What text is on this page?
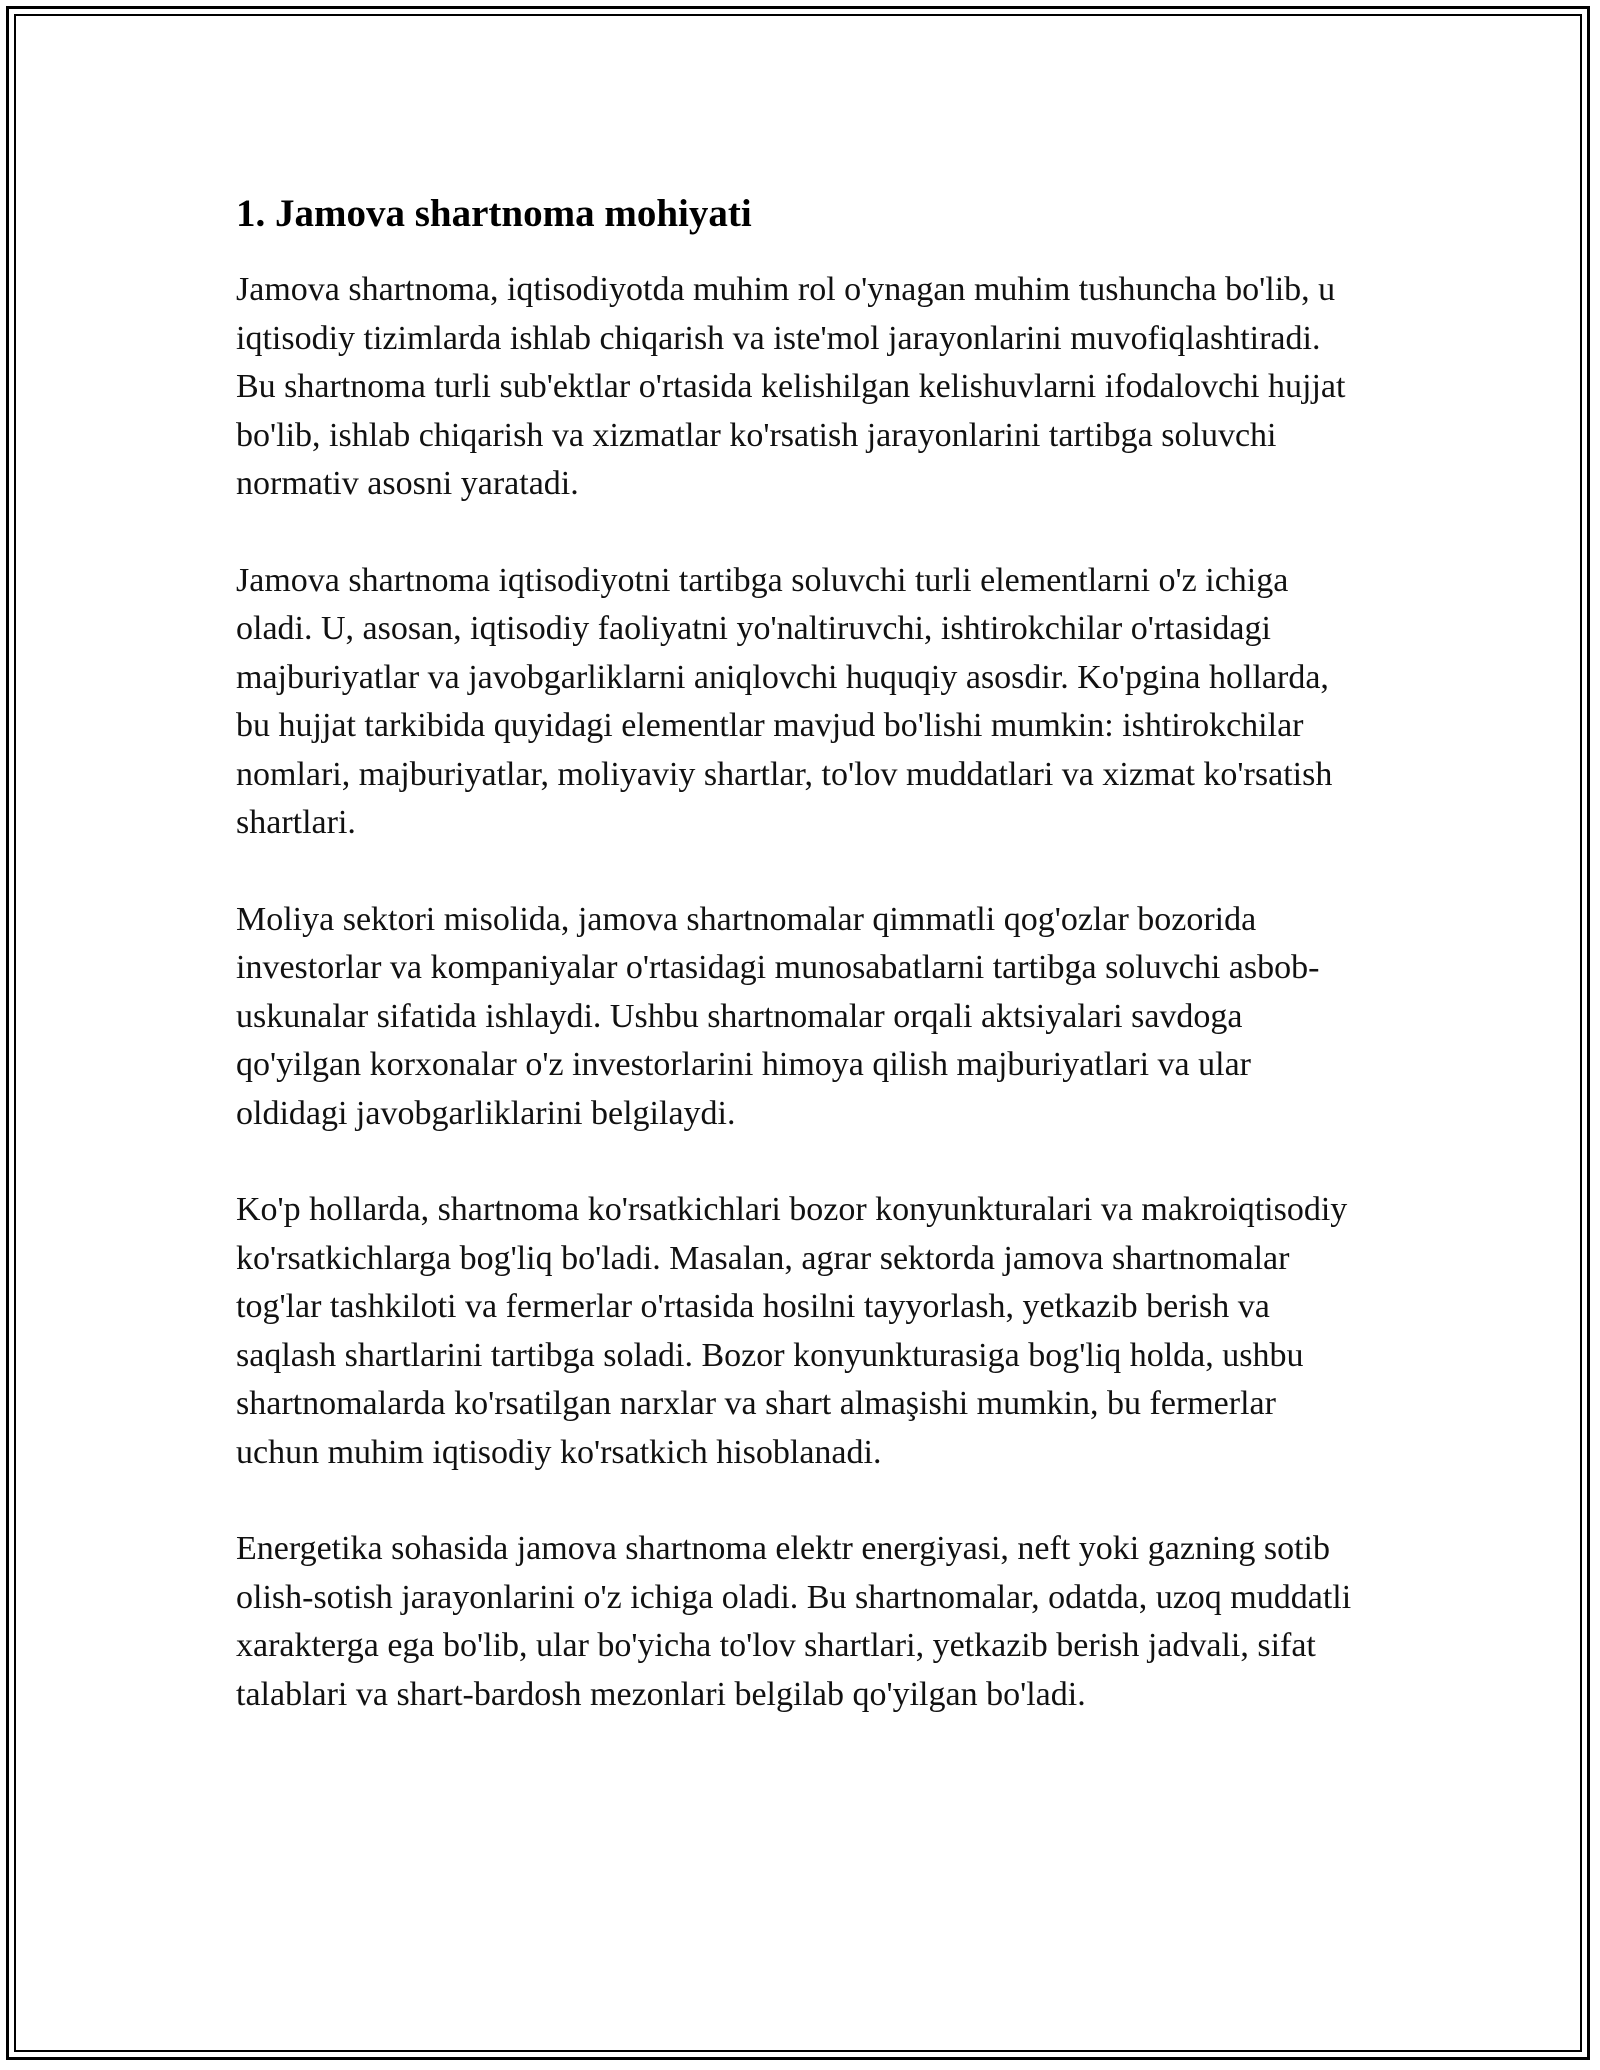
1. Jamova shartnoma mohiyati

Jamova shartnoma, iqtisodiyotda muhim rol o'ynagan muhim tushuncha bo'lib, u iqtisodiy tizimlarda ishlab chiqarish va iste'mol jarayonlarini muvofiqlashtiradi. Bu shartnoma turli sub'ektlar o'rtasida kelishilgan kelishuvlarni ifodalovchi hujjat bo'lib, ishlab chiqarish va xizmatlar ko'rsatish jarayonlarini tartibga soluvchi normativ asosni yaratadi.

Jamova shartnoma iqtisodiyotni tartibga soluvchi turli elementlarni o'z ichiga oladi. U, asosan, iqtisodiy faoliyatni yo'naltiruvchi, ishtirokchilar o'rtasidagi majburiyatlar va javobgarliklarni aniqlovchi huquqiy asosdir. Ko'pgina hollarda, bu hujjat tarkibida quyidagi elementlar mavjud bo'lishi mumkin: ishtirokchilar nomlari, majburiyatlar, moliyaviy shartlar, to'lov muddatlari va xizmat ko'rsatish shartlari.

Moliya sektori misolida, jamova shartnomalar qimmatli qog'ozlar bozorida investorlar va kompaniyalar o'rtasidagi munosabatlarni tartibga soluvchi asbob-uskunalar sifatida ishlaydi. Ushbu shartnomalar orqali aktsiyalari savdoga qo'yilgan korxonalar o'z investorlarini himoya qilish majburiyatlari va ular oldidagi javobgarliklarini belgilaydi.

Ko'p hollarda, shartnoma ko'rsatkichlari bozor konyunkturalari va makroiqtisodiy ko'rsatkichlarga bog'liq bo'ladi. Masalan, agrar sektorda jamova shartnomalar tog'lar tashkiloti va fermerlar o'rtasida hosilni tayyorlash, yetkazib berish va saqlash shartlarini tartibga soladi. Bozor konyunkturasiga bog'liq holda, ushbu shartnomalarda ko'rsatilgan narxlar va shart almaşishi mumkin, bu fermerlar uchun muhim iqtisodiy ko'rsatkich hisoblanadi.

Energetika sohasida jamova shartnoma elektr energiyasi, neft yoki gazning sotib olish-sotish jarayonlarini o'z ichiga oladi. Bu shartnomalar, odatda, uzoq muddatli xarakterga ega bo'lib, ular bo'yicha to'lov shartlari, yetkazib berish jadvali, sifat talablari va shart-bardosh mezonlari belgilab qo'yilgan bo'ladi.
